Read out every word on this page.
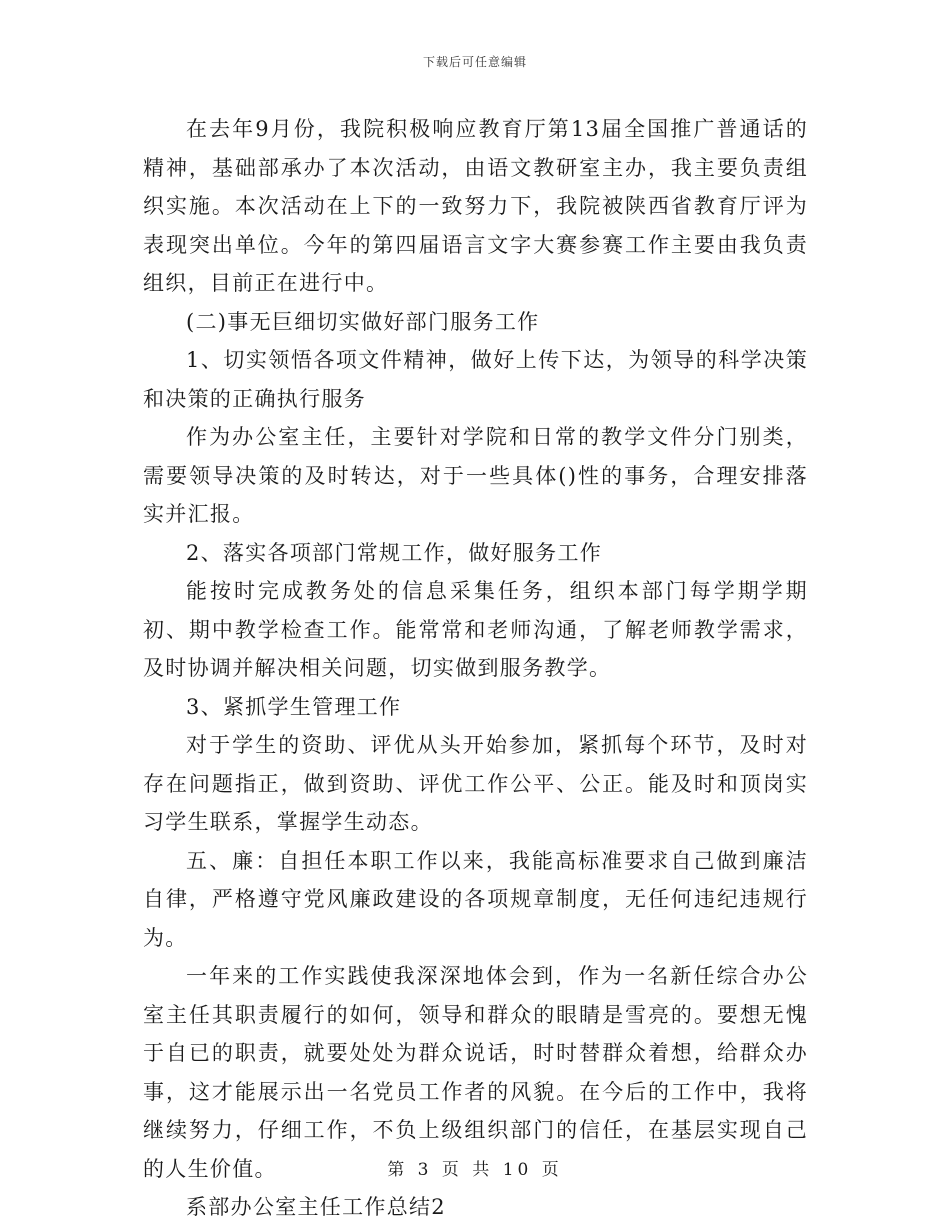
下载后可任意编辑

在去年9月份，我院积极响应教育厅第13届全国推广普通话的精神，基础部承办了本次活动，由语文教研室主办，我主要负责组织实施。本次活动在上下的一致努力下，我院被陕西省教育厅评为表现突出单位。今年的第四届语言文字大赛参赛工作主要由我负责组织，目前正在进行中。

(二)事无巨细切实做好部门服务工作

1、切实领悟各项文件精神，做好上传下达，为领导的科学决策和决策的正确执行服务

作为办公室主任，主要针对学院和日常的教学文件分门别类，需要领导决策的及时转达，对于一些具体()性的事务，合理安排落实并汇报。

2、落实各项部门常规工作，做好服务工作

能按时完成教务处的信息采集任务，组织本部门每学期学期初、期中教学检查工作。能常常和老师沟通，了解老师教学需求，及时协调并解决相关问题，切实做到服务教学。

3、紧抓学生管理工作

对于学生的资助、评优从头开始参加，紧抓每个环节，及时对存在问题指正，做到资助、评优工作公平、公正。能及时和顶岗实习学生联系，掌握学生动态。

五、廉：自担任本职工作以来，我能高标准要求自己做到廉洁自律，严格遵守党风廉政建设的各项规章制度，无任何违纪违规行为。

一年来的工作实践使我深深地体会到，作为一名新任综合办公室主任其职责履行的如何，领导和群众的眼睛是雪亮的。要想无愧于自已的职责，就要处处为群众说话，时时替群众着想，给群众办事，这才能展示出一名党员工作者的风貌。在今后的工作中，我将继续努力，仔细工作，不负上级组织部门的信任，在基层实现自己的人生价值。

系部办公室主任工作总结2

第 3 页 共 10 页
